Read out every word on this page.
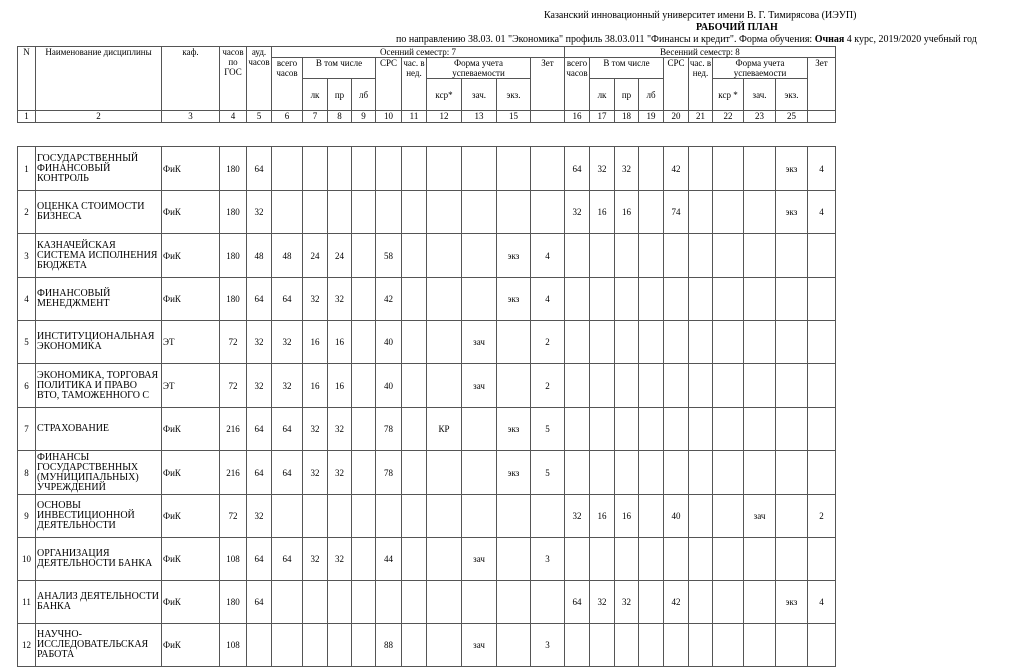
Казанский инновационный университет имени В. Г. Тимирясова (ИЭУП)
РАБОЧИЙ ПЛАН
по направлению 38.03. 01 "Экономика" профиль 38.03.011 "Финансы и кредит". Форма обучения: Очная 4 курс, 2019/2020 учебный год
N	Наименование дисциплины	каф.	часов по ГОС	ауд. часов	Осенний семестр: 7										Весенний семестр: 8									
					всего часов	В том числе			СРС	час. в нед.	Форма учета успеваемости			Зет	всего часов	В том числе			СРС	час. в нед.	Форма учета успеваемости			Зет
						лк	пр	лб			кср*	зач.	экз.			лк	пр	лб			кср *	зач.	экз.	
1	2	3	4	5	6	7	8	9	10	11	12	13	15		16	17	18	19	20	21	22	23	25	
1	ГОСУДАРСТВЕННЫЙ ФИНАНСОВЫЙ КОНТРОЛЬ	ФиК	180	64											64	32	32		42				экз	4
2	ОЦЕНКА СТОИМОСТИ БИЗНЕСА	ФиК	180	32											32	16	16		74				экз	4
3	КАЗНАЧЕЙСКАЯ СИСТЕМА ИСПОЛНЕНИЯ БЮДЖЕТА	ФиК	180	48	48	24	24		58				экз	4										
4	ФИНАНСОВЫЙ МЕНЕДЖМЕНТ	ФиК	180	64	64	32	32		42				экз	4										
5	ИНСТИТУЦИОНАЛЬНАЯ ЭКОНОМИКА	ЭТ	72	32	32	16	16		40			зач		2										
6	ЭКОНОМИКА, ТОРГОВАЯ ПОЛИТИКА И ПРАВО ВТО, ТАМОЖЕННОГО С	ЭТ	72	32	32	16	16		40			зач		2										
7	СТРАХОВАНИЕ	ФиК	216	64	64	32	32		78		КР		экз	5										
8	ФИНАНСЫ ГОСУДАРСТВЕННЫХ (МУНИЦИПАЛЬНЫХ) УЧРЕЖДЕНИЙ	ФиК	216	64	64	32	32		78				экз	5										
9	ОСНОВЫ ИНВЕСТИЦИОННОЙ ДЕЯТЕЛЬНОСТИ	ФиК	72	32											32	16	16		40			зач		2
10	ОРГАНИЗАЦИЯ ДЕЯТЕЛЬНОСТИ БАНКА	ФиК	108	64	64	32	32		44			зач		3										
11	АНАЛИЗ ДЕЯТЕЛЬНОСТИ БАНКА	ФиК	180	64											64	32	32		42				экз	4
12	НАУЧНО-ИССЛЕДОВАТЕЛЬСКАЯ РАБОТА	ФиК	108						88			зач		3										
